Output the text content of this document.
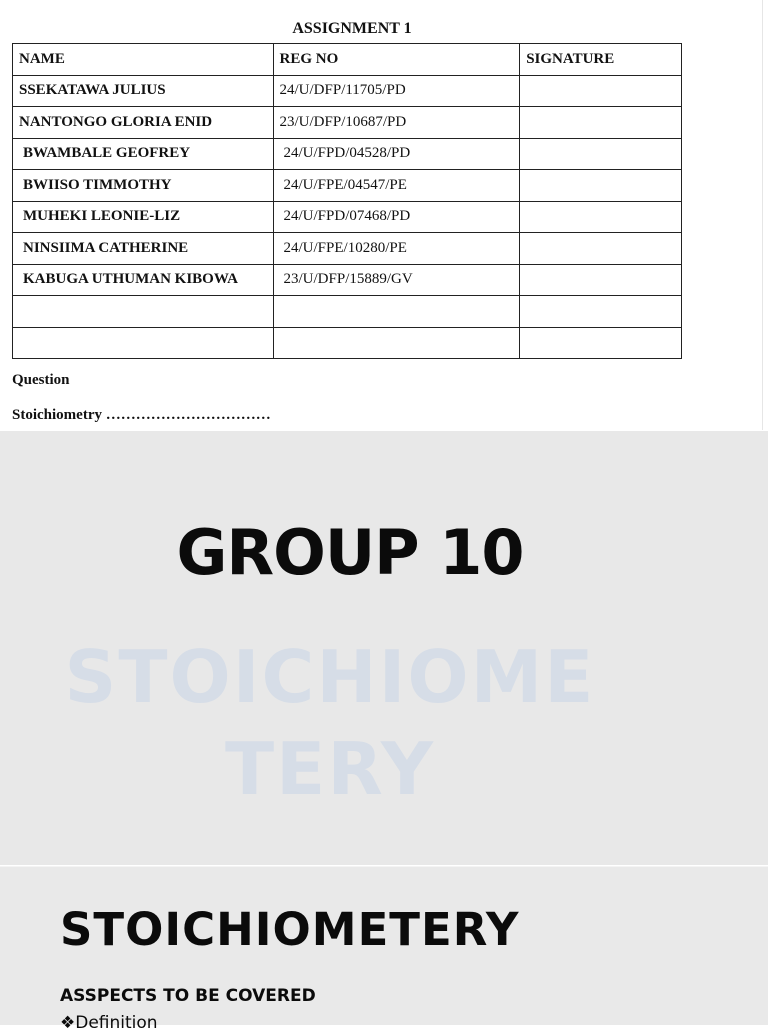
ASSIGNMENT 1
NAME	REG NO	SIGNATURE
SSEKATAWA JULIUS	24/U/DFP/11705/PD	
NANTONGO GLORIA ENID	23/U/DFP/10687/PD	
BWAMBALE GEOFREY	24/U/FPD/04528/PD	
BWIISO TIMMOTHY	24/U/FPE/04547/PE	
MUHEKI LEONIE-LIZ	24/U/FPD/07468/PD	
NINSIIMA CATHERINE	24/U/FPE/10280/PE	
KABUGA UTHUMAN KIBOWA	23/U/DFP/15889/GV	

Question
Stoichiometry ……………………………
GROUP 10
STOICHIOMETERY
STOICHIOMETERY
ASSPECTS TO BE COVERED
❖Definition
